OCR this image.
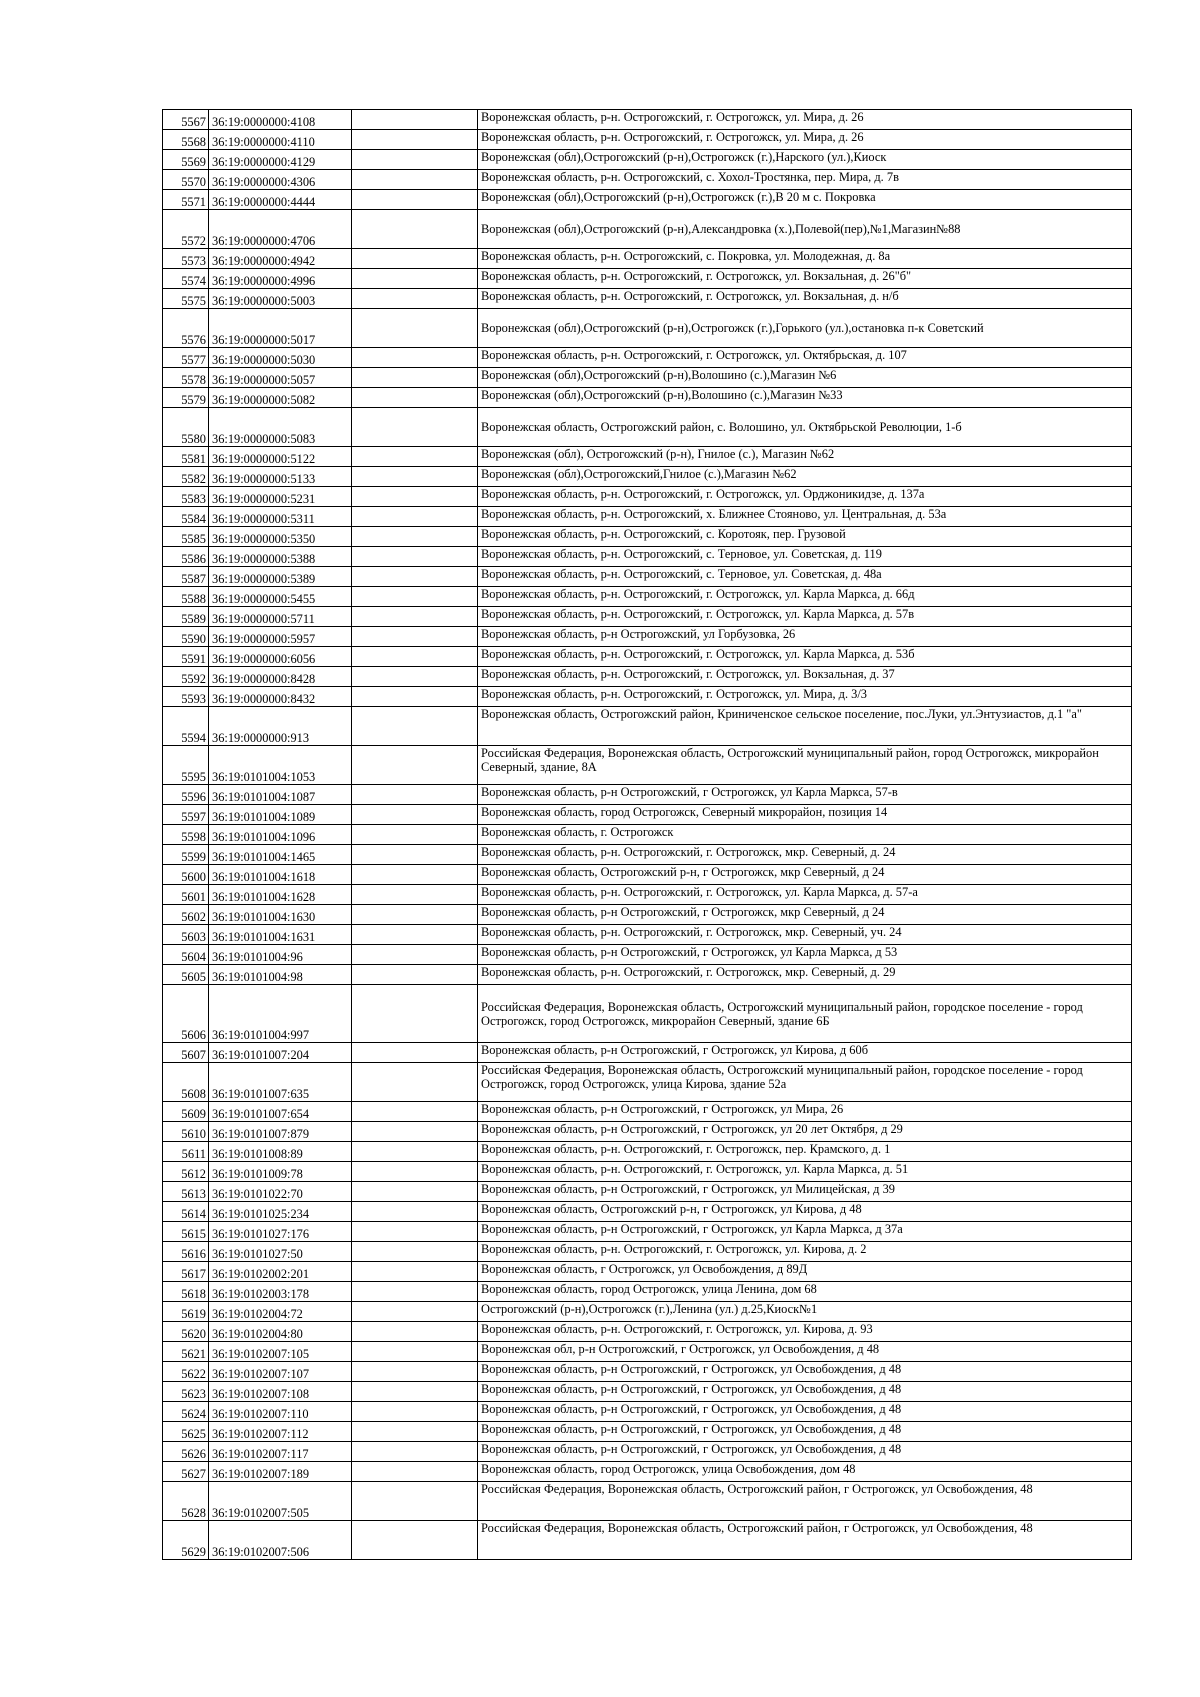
5567	36:19:0000000:4108		Воронежская область, р-н. Острогожский, г. Острогожск, ул. Мира, д. 26
5568	36:19:0000000:4110		Воронежская область, р-н. Острогожский, г. Острогожск, ул. Мира, д. 26
5569	36:19:0000000:4129		Воронежская (обл),Острогожский (р-н),Острогожск (г.),Нарского (ул.),Киоск
5570	36:19:0000000:4306		Воронежская область, р-н. Острогожский, с. Хохол-Тростянка, пер. Мира, д. 7в
5571	36:19:0000000:4444		Воронежская (обл),Острогожский (р-н),Острогожск (г.),В 20 м с. Покровка
5572	36:19:0000000:4706		Воронежская (обл),Острогожский (р-н),Александровка (х.),Полевой(пер),№1,Магазин№88
5573	36:19:0000000:4942		Воронежская область, р-н. Острогожский, с. Покровка, ул. Молодежная, д. 8а
5574	36:19:0000000:4996		Воронежская область, р-н. Острогожский, г. Острогожск, ул. Вокзальная, д. 26"б"
5575	36:19:0000000:5003		Воронежская область, р-н. Острогожский, г. Острогожск, ул. Вокзальная, д. н/б
5576	36:19:0000000:5017		Воронежская (обл),Острогожский (р-н),Острогожск (г.),Горького (ул.),остановка п-к Советский
5577	36:19:0000000:5030		Воронежская область, р-н. Острогожский, г. Острогожск, ул. Октябрьская, д. 107
5578	36:19:0000000:5057		Воронежская (обл),Острогожский (р-н),Волошино (с.),Магазин №6
5579	36:19:0000000:5082		Воронежская (обл),Острогожский (р-н),Волошино (с.),Магазин №33
5580	36:19:0000000:5083		Воронежская область, Острогожский район, с. Волошино, ул. Октябрьской Революции, 1-б
5581	36:19:0000000:5122		Воронежская (обл), Острогожский (р-н), Гнилое (с.), Магазин №62
5582	36:19:0000000:5133		Воронежская (обл),Острогожский,Гнилое (с.),Магазин №62
5583	36:19:0000000:5231		Воронежская область, р-н. Острогожский, г. Острогожск, ул. Орджоникидзе, д. 137а
5584	36:19:0000000:5311		Воронежская область, р-н. Острогожский, х. Ближнее Стояново, ул. Центральная, д. 53а
5585	36:19:0000000:5350		Воронежская область, р-н. Острогожский, с. Коротояк, пер. Грузовой
5586	36:19:0000000:5388		Воронежская область, р-н. Острогожский, с. Терновое, ул. Советская, д. 119
5587	36:19:0000000:5389		Воронежская область, р-н. Острогожский, с. Терновое, ул. Советская, д. 48а
5588	36:19:0000000:5455		Воронежская область, р-н. Острогожский, г. Острогожск, ул. Карла Маркса, д. 66д
5589	36:19:0000000:5711		Воронежская область, р-н. Острогожский, г. Острогожск, ул. Карла Маркса, д. 57в
5590	36:19:0000000:5957		Воронежская область, р-н Острогожский, ул Горбузовка, 26
5591	36:19:0000000:6056		Воронежская область, р-н. Острогожский, г. Острогожск, ул. Карла Маркса, д. 53б
5592	36:19:0000000:8428		Воронежская область, р-н. Острогожский, г. Острогожск, ул. Вокзальная, д. 37
5593	36:19:0000000:8432		Воронежская область, р-н. Острогожский, г. Острогожск, ул. Мира, д. 3/3
5594	36:19:0000000:913		Воронежская область, Острогожский район, Криниченское сельское поселение, пос.Луки, ул.Энтузиастов, д.1 "а"
5595	36:19:0101004:1053		Российская Федерация, Воронежская область, Острогожский муниципальный район, город Острогожск, микрорайон Северный, здание, 8А
5596	36:19:0101004:1087		Воронежская область, р-н Острогожский, г Острогожск, ул Карла Маркса, 57-в
5597	36:19:0101004:1089		Воронежская область, город Острогожск, Северный микрорайон, позиция 14
5598	36:19:0101004:1096		Воронежская область, г. Острогожск
5599	36:19:0101004:1465		Воронежская область, р-н. Острогожский, г. Острогожск, мкр. Северный, д. 24
5600	36:19:0101004:1618		Воронежская область, Острогожский р-н, г Острогожск, мкр Северный, д 24
5601	36:19:0101004:1628		Воронежская область, р-н. Острогожский, г. Острогожск, ул. Карла Маркса, д. 57-а
5602	36:19:0101004:1630		Воронежская область, р-н Острогожский, г Острогожск, мкр Северный, д 24
5603	36:19:0101004:1631		Воронежская область, р-н. Острогожский, г. Острогожск, мкр. Северный, уч. 24
5604	36:19:0101004:96		Воронежская область, р-н Острогожский, г Острогожск, ул Карла Маркса, д 53
5605	36:19:0101004:98		Воронежская область, р-н. Острогожский, г. Острогожск, мкр. Северный, д. 29
5606	36:19:0101004:997		Российская Федерация, Воронежская область, Острогожский муниципальный район, городское поселение - город Острогожск, город Острогожск, микрорайон Северный, здание 6Б
5607	36:19:0101007:204		Воронежская область, р-н Острогожский, г Острогожск, ул Кирова, д 60б
5608	36:19:0101007:635		Российская Федерация, Воронежская область, Острогожский муниципальный район, городское поселение - город Острогожск, город Острогожск, улица Кирова, здание 52а
5609	36:19:0101007:654		Воронежская область, р-н Острогожский, г Острогожск, ул Мира, 26
5610	36:19:0101007:879		Воронежская область, р-н Острогожский, г Острогожск, ул 20 лет Октября, д 29
5611	36:19:0101008:89		Воронежская область, р-н. Острогожский, г. Острогожск, пер. Крамского, д. 1
5612	36:19:0101009:78		Воронежская область, р-н. Острогожский, г. Острогожск, ул. Карла Маркса, д. 51
5613	36:19:0101022:70		Воронежская область, р-н Острогожский, г Острогожск, ул Милицейская, д 39
5614	36:19:0101025:234		Воронежская область, Острогожский р-н, г Острогожск, ул Кирова, д 48
5615	36:19:0101027:176		Воронежская область, р-н Острогожский, г Острогожск, ул Карла Маркса, д 37а
5616	36:19:0101027:50		Воронежская область, р-н. Острогожский, г. Острогожск, ул. Кирова, д. 2
5617	36:19:0102002:201		Воронежская область, г Острогожск, ул Освобождения, д 89Д
5618	36:19:0102003:178		Воронежская область, город Острогожск, улица Ленина, дом 68
5619	36:19:0102004:72		Острогожский (р-н),Острогожск (г.),Ленина (ул.) д.25,Киоск№1
5620	36:19:0102004:80		Воронежская область, р-н. Острогожский, г. Острогожск, ул. Кирова, д. 93
5621	36:19:0102007:105		Воронежская обл, р-н Острогожский, г Острогожск, ул Освобождения, д 48
5622	36:19:0102007:107		Воронежская область, р-н Острогожский, г Острогожск, ул Освобождения, д 48
5623	36:19:0102007:108		Воронежская область, р-н Острогожский, г Острогожск, ул Освобождения, д 48
5624	36:19:0102007:110		Воронежская область, р-н Острогожский, г Острогожск, ул Освобождения, д 48
5625	36:19:0102007:112		Воронежская область, р-н Острогожский, г Острогожск, ул Освобождения, д 48
5626	36:19:0102007:117		Воронежская область, р-н Острогожский, г Острогожск, ул Освобождения, д 48
5627	36:19:0102007:189		Воронежская область, город Острогожск, улица Освобождения, дом 48
5628	36:19:0102007:505		Российская Федерация, Воронежская область, Острогожский район, г Острогожск, ул Освобождения, 48
5629	36:19:0102007:506		Российская Федерация, Воронежская область, Острогожский район, г Острогожск, ул Освобождения, 48
